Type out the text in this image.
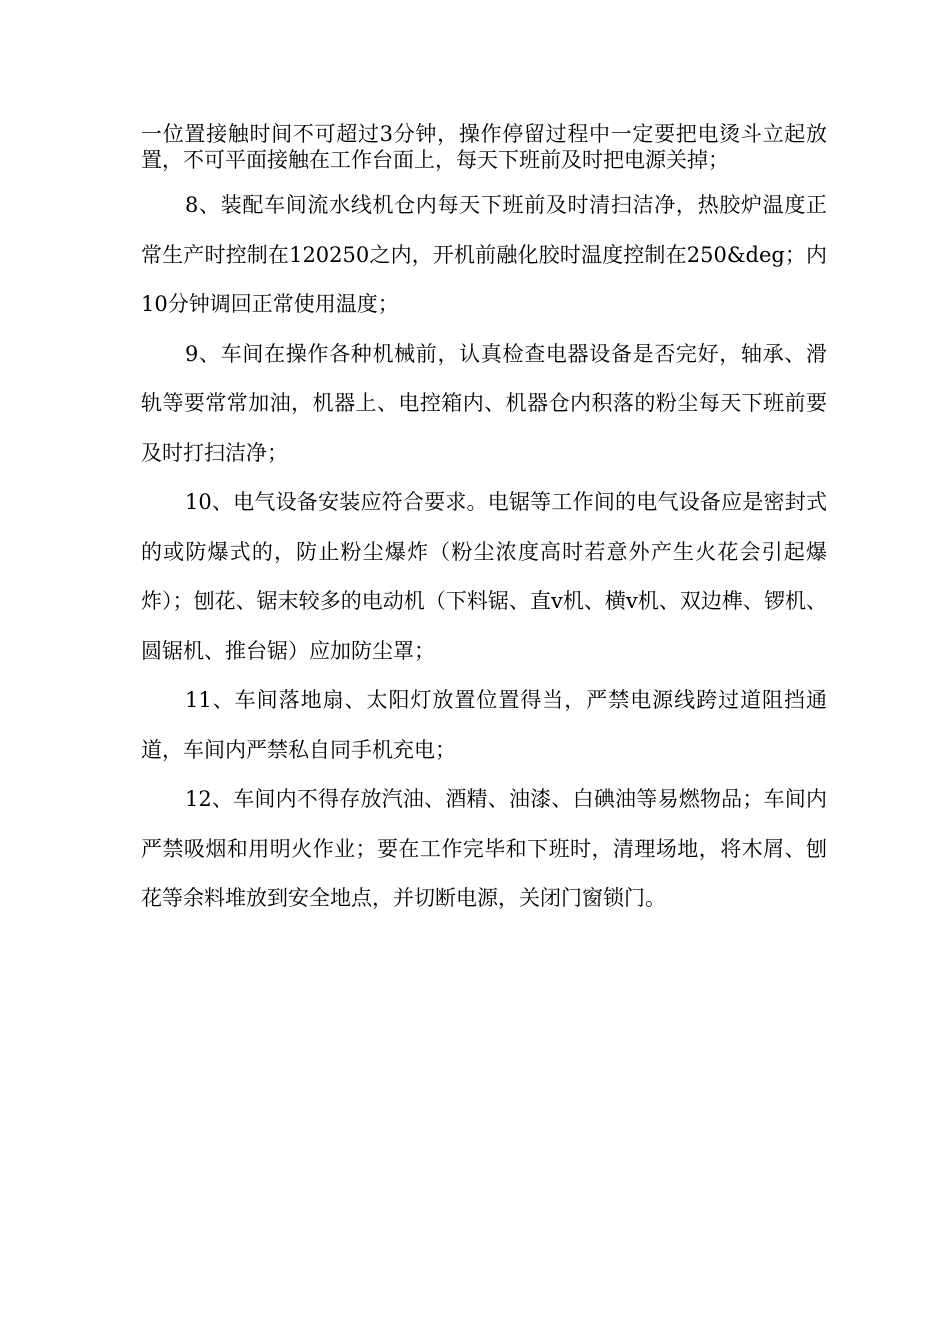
一位置接触时间不可超过3分钟，操作停留过程中一定要把电烫斗立起放置，不可平面接触在工作台面上，每天下班前及时把电源关掉；

8、装配车间流水线机仓内每天下班前及时清扫洁净，热胶炉温度正常生产时控制在120250之内，开机前融化胶时温度控制在250&deg；内10分钟调回正常使用温度；

9、车间在操作各种机械前，认真检查电器设备是否完好，轴承、滑轨等要常常加油，机器上、电控箱内、机器仓内积落的粉尘每天下班前要及时打扫洁净；

10、电气设备安装应符合要求。电锯等工作间的电气设备应是密封式的或防爆式的，防止粉尘爆炸（粉尘浓度高时若意外产生火花会引起爆炸）；刨花、锯末较多的电动机（下料锯、直v机、横v机、双边榫、锣机、圆锯机、推台锯）应加防尘罩；

11、车间落地扇、太阳灯放置位置得当，严禁电源线跨过道阻挡通道，车间内严禁私自同手机充电；

12、车间内不得存放汽油、酒精、油漆、白碘油等易燃物品；车间内严禁吸烟和用明火作业；要在工作完毕和下班时，清理场地，将木屑、刨花等余料堆放到安全地点，并切断电源，关闭门窗锁门。
